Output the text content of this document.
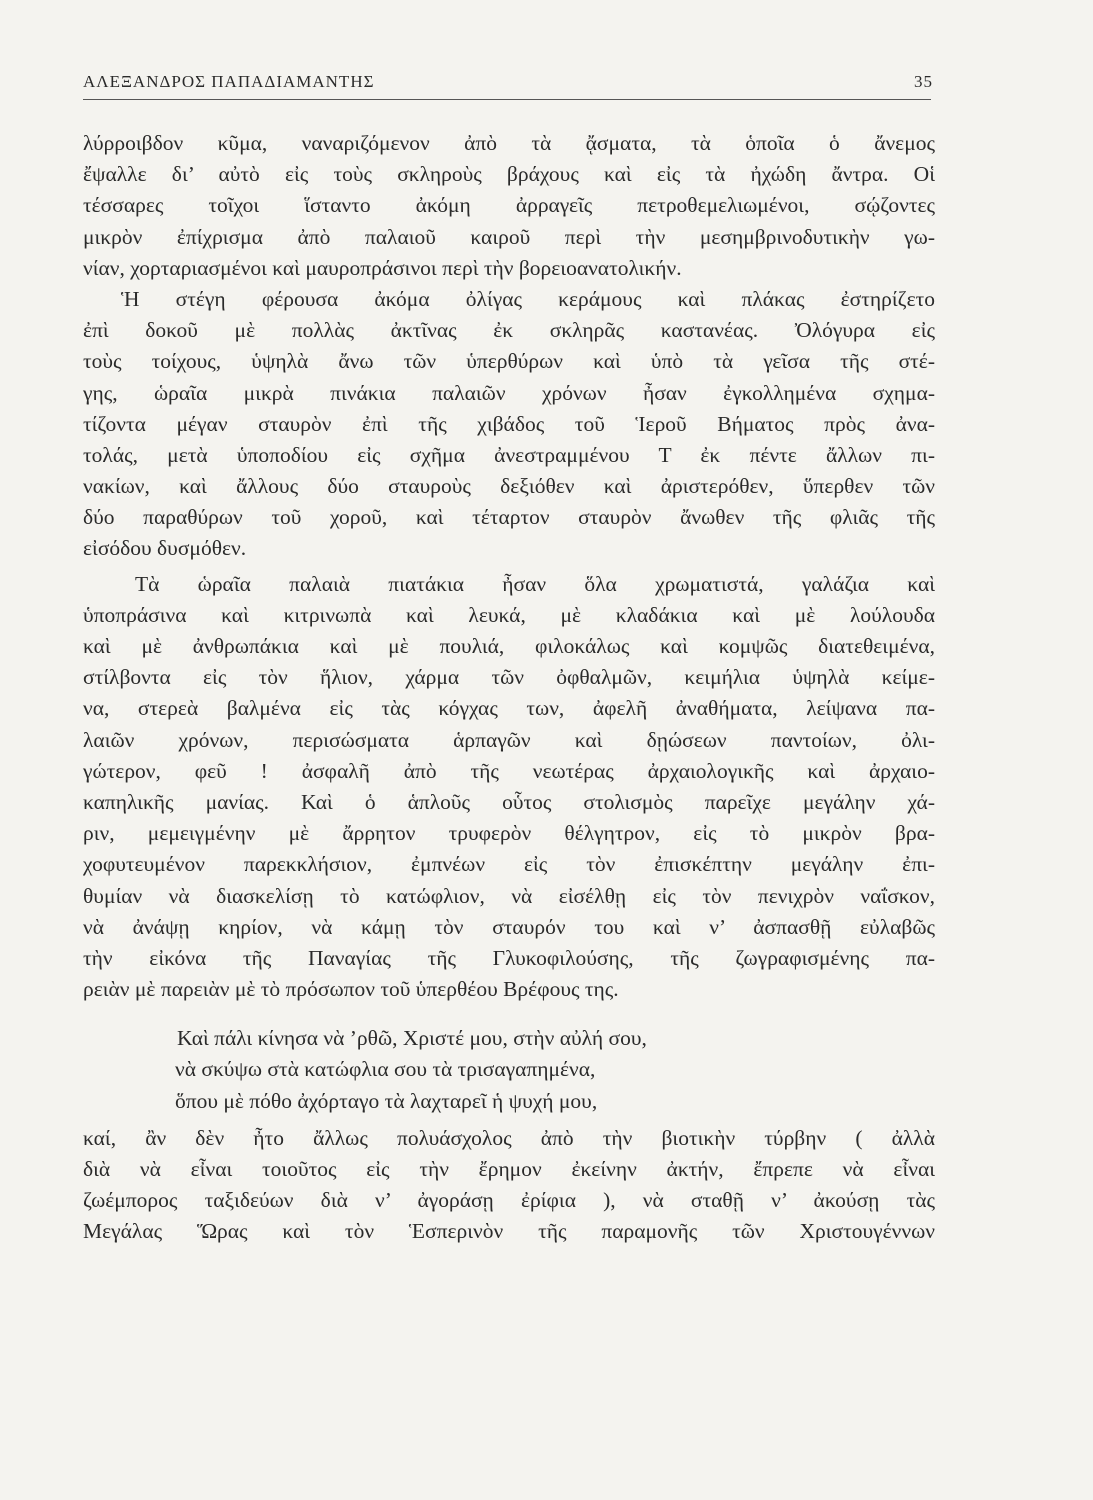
ΑΛΕΞΑΝΔΡΟΣ ΠΑΠΑΔΙΑΜΑΝΤΗΣ	35
λύρροιβδον κῦμα, ναναριζόμενον ἀπὸ τὰ ᾄσματα, τὰ ὁποῖα ὁ ἄνεμος
ἔψαλλε δι’ αὐτὸ εἰς τοὺς σκληροὺς βράχους καὶ εἰς τὰ ἠχώδη ἄντρα. Οἱ
τέσσαρες τοῖχοι ἵσταντο ἀκόμη ἀρραγεῖς πετροθεμελιωμένοι, σῴζοντες
μικρὸν ἐπίχρισμα ἀπὸ παλαιοῦ καιροῦ περὶ τὴν μεσημβρινοδυτικὴν γω-
νίαν, χορταριασμένοι καὶ μαυροπράσινοι περὶ τὴν βορειοανατολικήν.
Ἡ στέγη φέρουσα ἀκόμα ὀλίγας κεράμους καὶ πλάκας ἐστηρίζετο
ἐπὶ δοκοῦ μὲ πολλὰς ἀκτῖνας ἐκ σκληρᾶς καστανέας. Ὀλόγυρα εἰς
τοὺς τοίχους, ὑψηλὰ ἄνω τῶν ὑπερθύρων καὶ ὑπὸ τὰ γεῖσα τῆς στέ-
γης, ὡραῖα μικρὰ πινάκια παλαιῶν χρόνων ἦσαν ἐγκολλημένα σχημα-
τίζοντα μέγαν σταυρὸν ἐπὶ τῆς χιβάδος τοῦ Ἱεροῦ Βήματος πρὸς ἀνα-
τολάς, μετὰ ὑποποδίου εἰς σχῆμα ἀνεστραμμένου Τ ἐκ πέντε ἄλλων πι-
νακίων, καὶ ἄλλους δύο σταυροὺς δεξιόθεν καὶ ἀριστερόθεν, ὕπερθεν τῶν
δύο παραθύρων τοῦ χοροῦ, καὶ τέταρτον σταυρὸν ἄνωθεν τῆς φλιᾶς τῆς
εἰσόδου δυσμόθεν.
Τὰ ὡραῖα παλαιὰ πιατάκια ἦσαν ὅλα χρωματιστά, γαλάζια καὶ
ὑποπράσινα καὶ κιτρινωπὰ καὶ λευκά, μὲ κλαδάκια καὶ μὲ λούλουδα
καὶ μὲ ἀνθρωπάκια καὶ μὲ πουλιά, φιλοκάλως καὶ κομψῶς διατεθειμένα,
στίλβοντα εἰς τὸν ἥλιον, χάρμα τῶν ὀφθαλμῶν, κειμήλια ὑψηλὰ κείμε-
να, στερεὰ βαλμένα εἰς τὰς κόγχας των, ἀφελῆ ἀναθήματα, λείψανα πα-
λαιῶν χρόνων, περισώσματα ἁρπαγῶν καὶ δῃώσεων παντοίων, ὀλι-
γώτερον, φεῦ ! ἀσφαλῆ ἀπὸ τῆς νεωτέρας ἀρχαιολογικῆς καὶ ἀρχαιο-
καπηλικῆς μανίας. Καὶ ὁ ἁπλοῦς οὗτος στολισμὸς παρεῖχε μεγάλην χά-
ριν, μεμειγμένην μὲ ἄρρητον τρυφερὸν θέλγητρον, εἰς τὸ μικρὸν βρα-
χοφυτευμένον παρεκκλήσιον, ἐμπνέων εἰς τὸν ἐπισκέπτην μεγάλην ἐπι-
θυμίαν νὰ διασκελίσῃ τὸ κατώφλιον, νὰ εἰσέλθῃ εἰς τὸν πενιχρὸν ναΐσκον,
νὰ ἀνάψῃ κηρίον, νὰ κάμῃ τὸν σταυρόν του καὶ ν’ ἀσπασθῇ εὐλαβῶς
τὴν εἰκόνα τῆς Παναγίας τῆς Γλυκοφιλούσης, τῆς ζωγραφισμένης πα-
ρειὰν μὲ παρειὰν μὲ τὸ πρόσωπον τοῦ ὑπερθέου Βρέφους της.
Καὶ πάλι κίνησα νὰ ’ρθῶ, Χριστέ μου, στὴν αὐλή σου,
νὰ σκύψω στὰ κατώφλια σου τὰ τρισαγαπημένα,
ὅπου μὲ πόθο ἀχόρταγο τὰ λαχταρεῖ ἡ ψυχή μου,
καί, ἂν δὲν ἦτο ἄλλως πολυάσχολος ἀπὸ τὴν βιοτικὴν τύρβην ( ἀλλὰ
διὰ νὰ εἶναι τοιοῦτος εἰς τὴν ἔρημον ἐκείνην ἀκτήν, ἔπρεπε νὰ εἶναι
ζωέμπορος ταξιδεύων διὰ ν’ ἀγοράσῃ ἐρίφια ), νὰ σταθῇ ν’ ἀκούσῃ τὰς
Μεγάλας Ὥρας καὶ τὸν Ἑσπερινὸν τῆς παραμονῆς τῶν Χριστουγέννων
